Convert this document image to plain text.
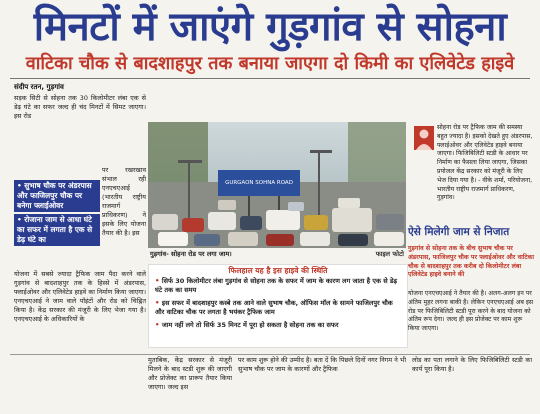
मिनटों में जाएंगे गुड़गांव से सोहना
वाटिका चौक से बादशाहपुर तक बनाया जाएगा दो किमी का एलिवेटेड हाइवे
संदीप रतन, गुड़गांव
सड़क सिटी से सोहना तक 30 किलोमीटर लंबा एक से डेढ़ घंटे का सफर जल्द ही चंद मिनटों में सिमट जाएगा। इस रोड
• सुभाष चौक पर अंडरपास और फाजिलपुर चौक पर बनेगा फ्लाईओवर
• रोजाना जाम से आधा घंटे का सफर में लगता है एक से डेढ़ घंटे का
पर रखरखाव संभाल रही एनएचएआई (भारतीय राष्ट्रीय राजमार्ग प्राधिकरण) ने इसके लिए योजना तैयार की है। इस
योजना में सबसे ज्यादा ट्रैफिक जाम पैदा करने वाले गुड़गांव से बादशाहपुर तक के हिस्से में अंडरपास, फ्लाईओवर और एलिवेटेड हाइवे का निर्माण किया जाएगा। एनएचएआई ने जाम वाले पॉइंटों और रोड को चिह्नित किया है। केंद्र सरकार की मंजूरी के लिए भेजा गया है। एनएचएआई के अधिकारियों के
GURGAON SOHNA ROAD
गुड़गांव- सोहना रोड पर लगा जाम।	फाइल फोटो
सोहना रोड पर ट्रैफिक जाम की समस्या बहुत ज्यादा है। इसको देखते हुए अंडरपास, फ्लाईओवर और एलिवेटेड हाइवे बनाया जाएगा। फिजिबिलिटी स्टडी के आधार पर निर्माण का फैसला लिया जाएगा, जिसका प्रपोजल केंद्र सरकार को मंजूरी के लिए भेज दिया गया है। - वीके शर्मा, परियोजना, भारतीय राष्ट्रीय राजमार्ग प्राधिकरण, गुड़गांव।
ऐसे मिलेगी जाम से निजात
गुड़गांव से सोहना तक के बीच सुभाष चौक पर अंडरपास, फाजिलपुर चौक पर फ्लाईओवर और वाटिका चौक से बादशाहपुर तक करीब दो किलोमीटर लंबा एलिवेटेड हाइवे बनाने की
योजना एनएचएआई ने तैयार की है। अलग-अलग इन पर अंतिम मुहर लगना बाकी है। लेकिन एनएचएआई अब इस रोड पर फिजिबिलिटी स्टडी पूरा करने के बाद योजना को अंतिम रूप देगा। जल्द ही इस प्रोजेक्ट पर काम शुरू किया जाएगा।
फिलहाल यह है इस हाइवे की स्थिति
• सिर्फ 30 किलोमीटर लंबा गुड़गांव से सोहना तक के सफर में जाम के कारण लग जाता है एक से डेढ़ घंटे तक का समय
• इस सफर में बादशाहपुर कस्बे तक आने वाले सुभाष चौक, ऑफिस मॉल के सामने फाजिलपुर चौक और वाटिका चौक पर लगता है भयंकर ट्रैफिक जाम
• जाम नहीं लगे तो सिर्फ 35 मिनट में पूरा हो सकता है सोहना तक का सफर
मुताबिक, केंद्र सरकार से मंजूरी मिलने के बाद स्टडी शुरू की जाएगी और प्रोजेक्ट का प्रारूप तैयार किया जाएगा। जल्द इस
पर काम शुरू होने की उम्मीद है। बता दें कि पिछले दिनों नगर निगम ने भी सुभाष चौक पर जाम के कारणों और ट्रैफिक
लोड का पता लगाने के लिए फिजिबिलिटी स्टडी का कार्य पूरा किया है।
